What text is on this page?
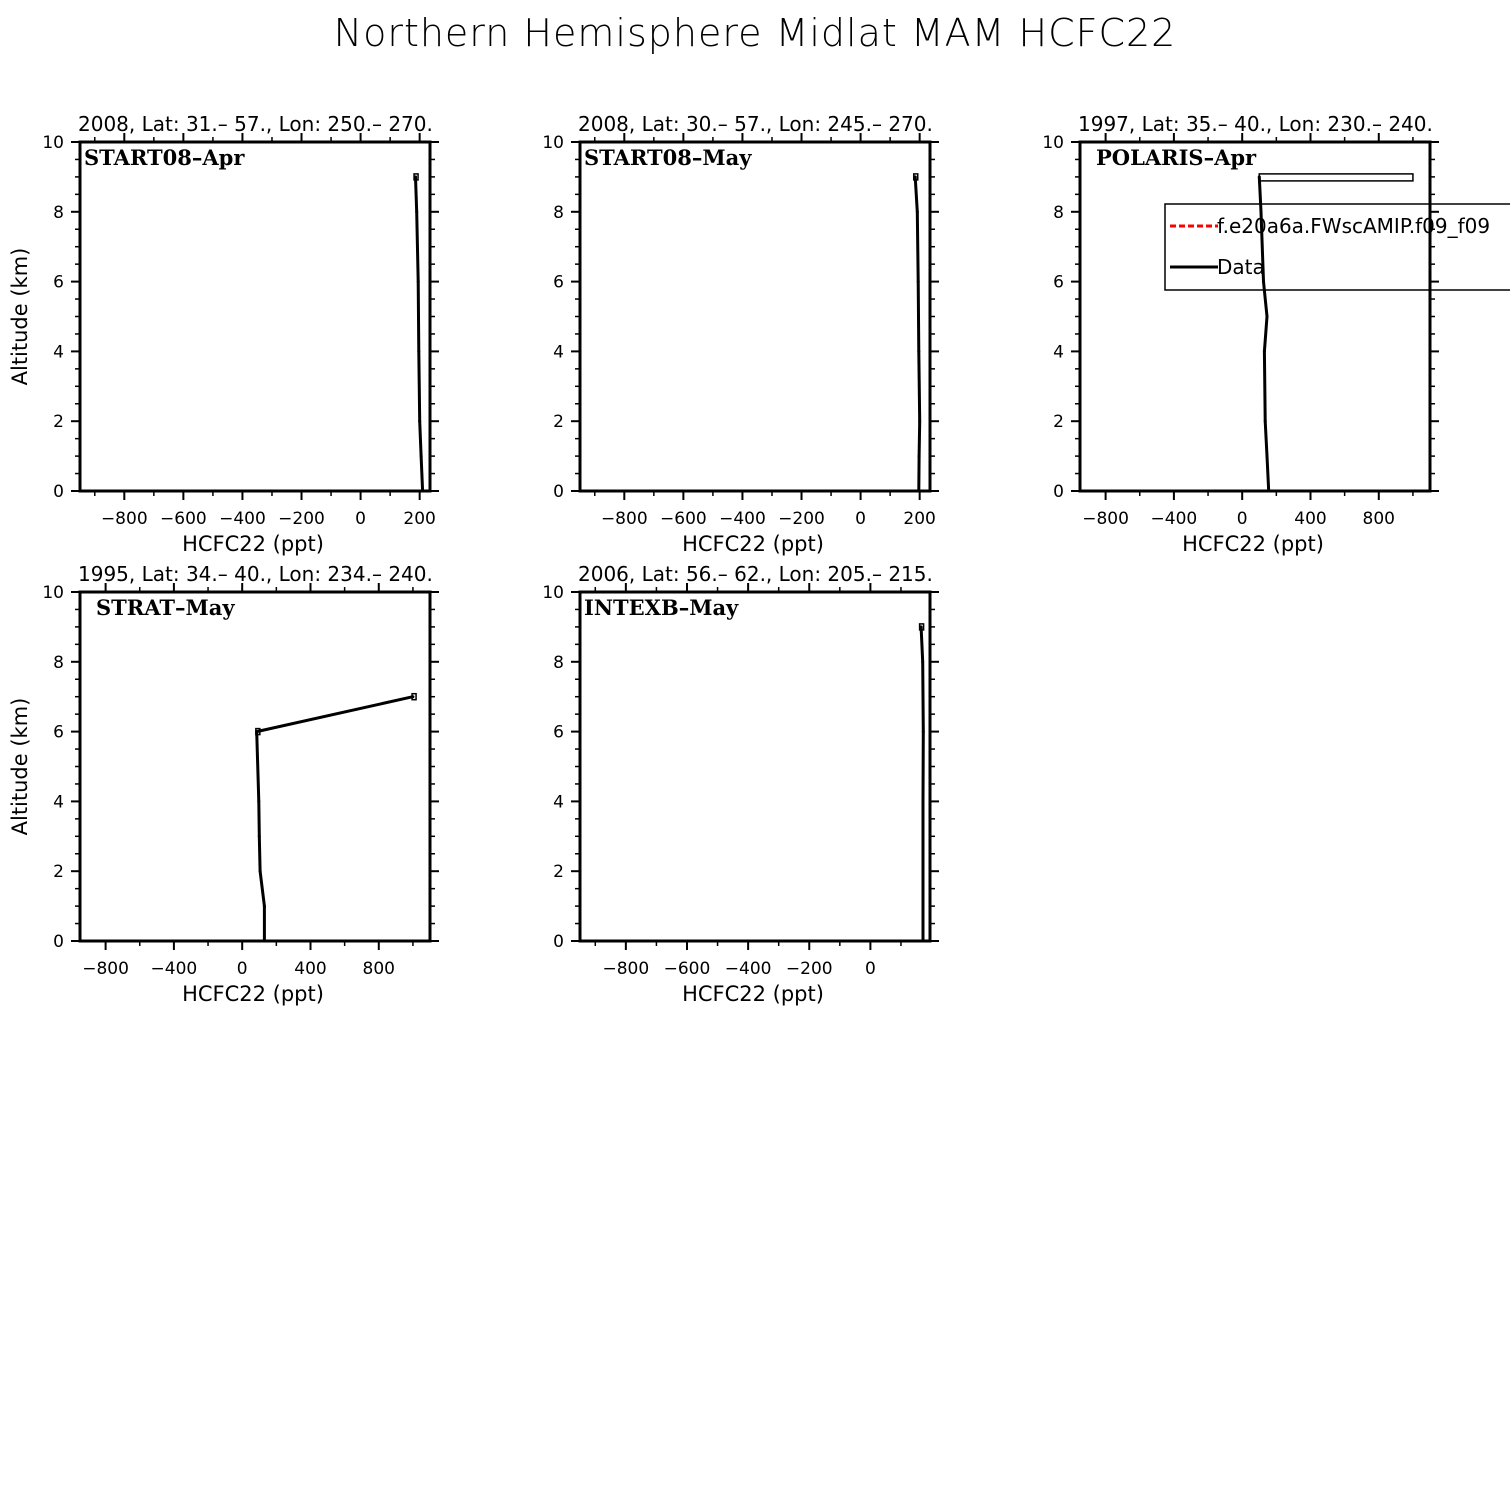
Northern Hemisphere Midlat MAM HCFC22
0
2
4
6
8
10
−800 −600 −400 −200 0 200
HCFC22 (ppt)
Altitude (km)
2008, Lat: 31.– 57., Lon: 250.– 270.
START08–Apr
0
2
4
6
8
10
−800 −600 −400 −200 0 200
HCFC22 (ppt)
2008, Lat: 30.– 57., Lon: 245.– 270.
START08–May
0
2
4
6
8
10
−800 −400 0	400 800
HCFC22 (ppt)
1997, Lat: 35.– 40., Lon: 230.– 240.
POLARIS–Apr
f.e20a6a.FWscAMIP.f09_f09
Data
0
2
4
6
8
10
−800 −400 0	400 800
HCFC22 (ppt)
Altitude (km)
1995, Lat: 34.– 40., Lon: 234.– 240.
STRAT–May
0
2
4
6
8
10
−800 −600 −400 −200 0
HCFC22 (ppt)
2006, Lat: 56.– 62., Lon: 205.– 215.
INTEXB–May
